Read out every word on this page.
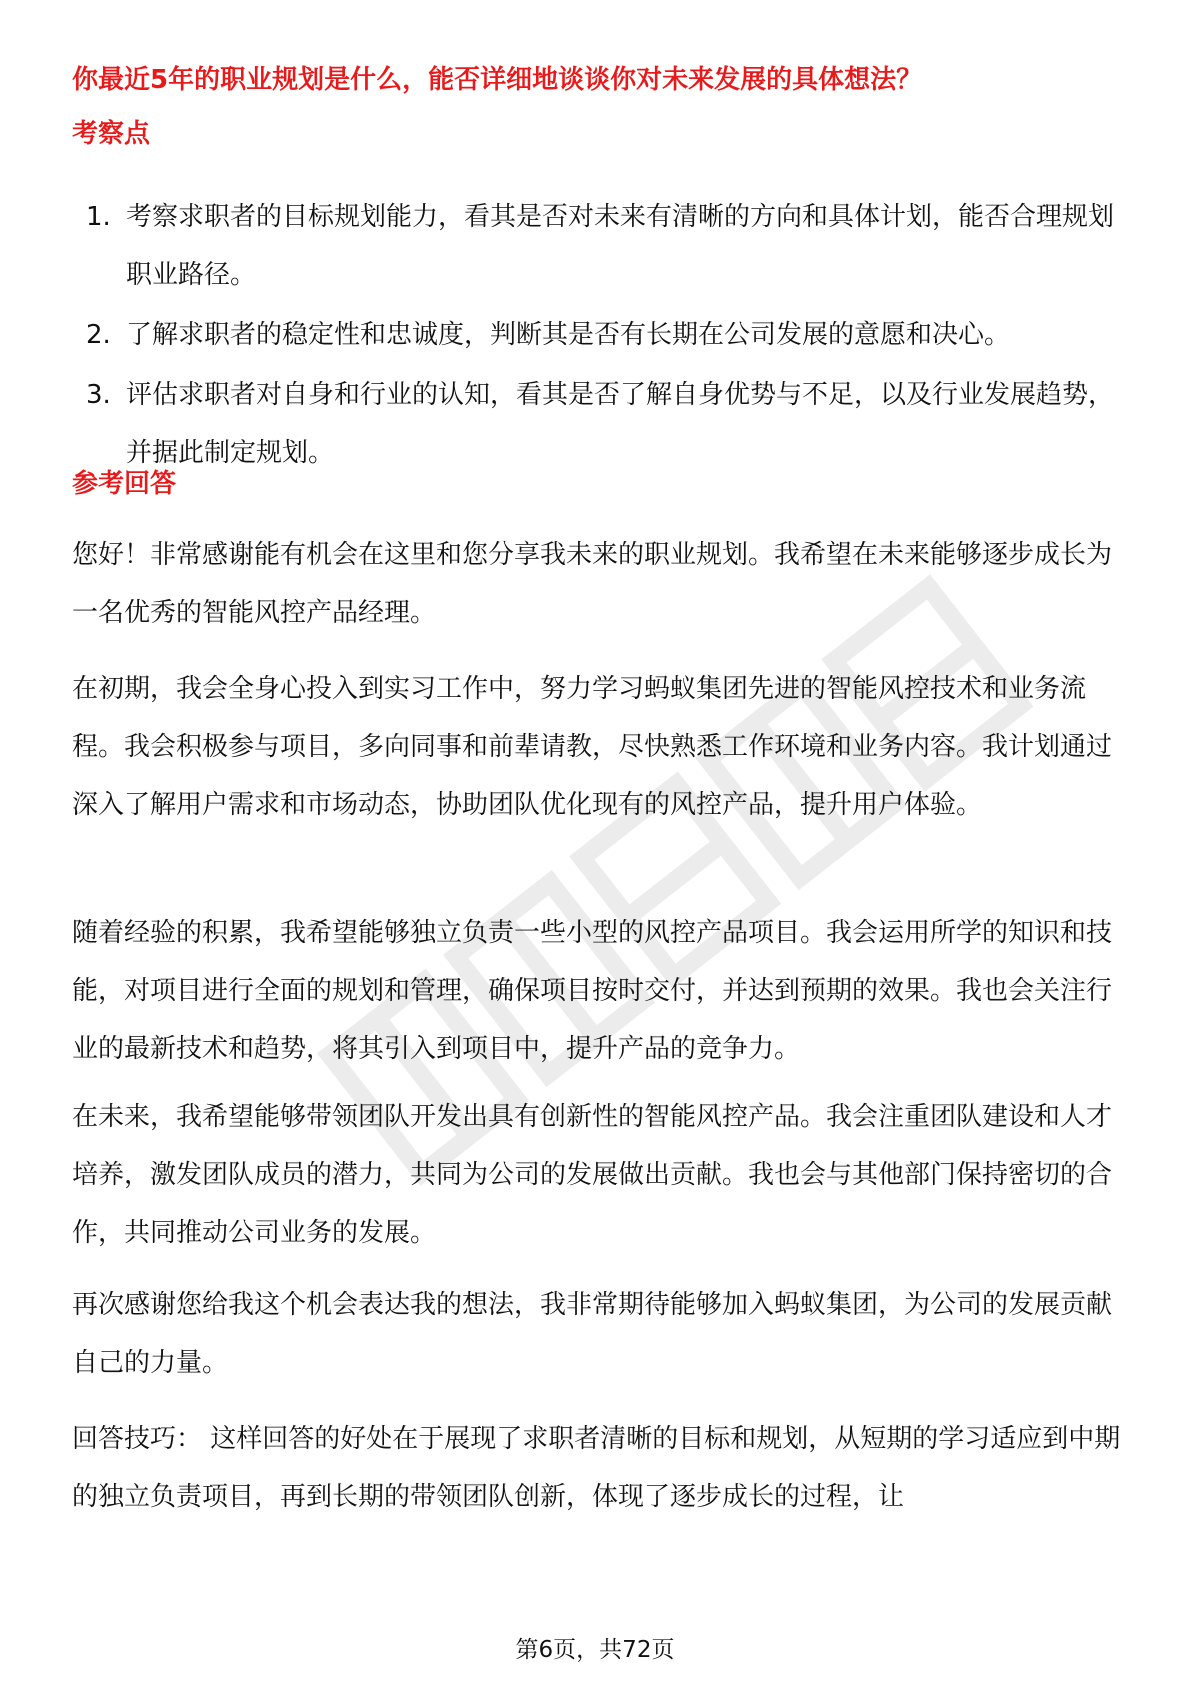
你最近5年的职业规划是什么，能否详细地谈谈你对未来发展的具体想法？
考察点
1. 考察求职者的目标规划能力，看其是否对未来有清晰的方向和具体计划，能否合理规划职业路径。
2. 了解求职者的稳定性和忠诚度，判断其是否有长期在公司发展的意愿和决心。
3. 评估求职者对自身和行业的认知，看其是否了解自身优势与不足，以及行业发展趋势，并据此制定规划。
参考回答
您好！非常感谢能有机会在这里和您分享我未来的职业规划。我希望在未来能够逐步成长为一名优秀的智能风控产品经理。
在初期，我会全身心投入到实习工作中，努力学习蚂蚁集团先进的智能风控技术和业务流程。我会积极参与项目，多向同事和前辈请教，尽快熟悉工作环境和业务内容。我计划通过深入了解用户需求和市场动态，协助团队优化现有的风控产品，提升用户体验。
随着经验的积累，我希望能够独立负责一些小型的风控产品项目。我会运用所学的知识和技能，对项目进行全面的规划和管理，确保项目按时交付，并达到预期的效果。我也会关注行业的最新技术和趋势，将其引入到项目中，提升产品的竞争力。
在未来，我希望能够带领团队开发出具有创新性的智能风控产品。我会注重团队建设和人才培养，激发团队成员的潜力，共同为公司的发展做出贡献。我也会与其他部门保持密切的合作，共同推动公司业务的发展。
再次感谢您给我这个机会表达我的想法，我非常期待能够加入蚂蚁集团，为公司的发展贡献自己的力量。
回答技巧： 这样回答的好处在于展现了求职者清晰的目标和规划，从短期的学习适应到中期的独立负责项目，再到长期的带领团队创新，体现了逐步成长的过程，让
第6页，共72页
